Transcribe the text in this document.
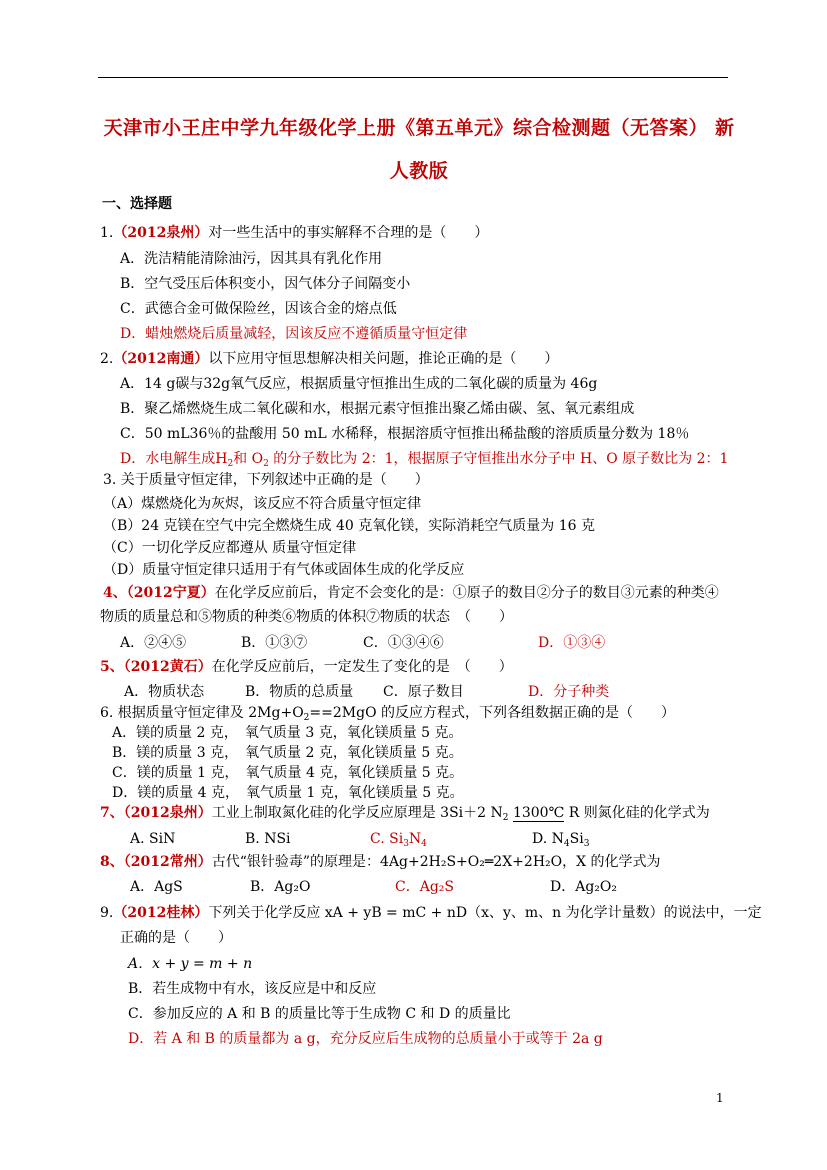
天津市小王庄中学九年级化学上册《第五单元》综合检测题（无答案） 新
人教版
一、选择题
1.（2012泉州）对一些生活中的事实解释不合理的是（　　）
A．洗洁精能清除油污，因其具有乳化作用
B．空气受压后体积变小，因气体分子间隔变小
C．武德合金可做保险丝，因该合金的熔点低
D．蜡烛燃烧后质量减轻，因该反应不遵循质量守恒定律
2.（2012南通）以下应用守恒思想解决相关问题，推论正确的是（　　）
A．14 g碳与32g氧气反应，根据质量守恒推出生成的二氧化碳的质量为 46g
B．聚乙烯燃烧生成二氧化碳和水，根据元素守恒推出聚乙烯由碳、氢、氧元素组成
C．50 mL36％的盐酸用 50 mL 水稀释，根据溶质守恒推出稀盐酸的溶质质量分数为 18％
D．水电解生成$H_2$和 $O_2$ 的分子数比为 2：1，根据原子守恒推出水分子中 H、O 原子数比为 2：1
3. 关于质量守恒定律，下列叙述中正确的是（　　）
（A）煤燃烧化为灰烬，该反应不符合质量守恒定律
（B）24 克镁在空气中完全燃烧生成 40 克氧化镁，实际消耗空气质量为 16 克
（C）一切化学反应都遵从 质量守恒定律
（D）质量守恒定律只适用于有气体或固体生成的化学反应
4、（2012宁夏）在化学反应前后，肯定不会变化的是：①原子的数目②分子的数目③元素的种类④
物质的质量总和⑤物质的种类⑥物质的体积⑦物质的状态　（　　）
A．②④⑤	B．①③⑦	C．①③④⑥	D．①③④
5、（2012黄石）在化学反应前后，一定发生了变化的是　（　　）
A．物质状态	B．物质的总质量 C．原子数目	D．分子种类
6. 根据质量守恒定律及 $2Mg+O_2==2MgO$ 的反应方程式，下列各组数据正确的是（　　）
A．镁的质量 2 克，　氧气质量 3 克，氧化镁质量 5 克。
B．镁的质量 3 克，　氧气质量 2 克，氧化镁质量 5 克。
C．镁的质量 1 克，　氧气质量 4 克，氧化镁质量 5 克。
D．镁的质量 4 克，　氧气质量 1 克，氧化镁质量 5 克。
7、（2012泉州）工业上制取氮化硅的化学反应原理是 3Si＋2 $N_2$ 1300℃ R 则氮化硅的化学式为
A. SiN	B. NSi	C. $Si_3N_4$	D. $N_4Si_3$
8、（2012常州）古代“银针验毒”的原理是：4Ag+2H₂S+O₂═2X+2H₂O，X 的化学式为
A．AgS	B．Ag₂O	C．Ag₂S	D．Ag₂O₂
9.（2012桂林）下列关于化学反应 xA + yB = mC + nD（x、y、m、n 为化学计量数）的说法中，一定
正确的是（　　）
A．x + y = m + n
B．若生成物中有水，该反应是中和反应
C．参加反应的 A 和 B 的质量比等于生成物 C 和 D 的质量比
D．若 A 和 B 的质量都为 a g，充分反应后生成物的总质量小于或等于 2a g
1
